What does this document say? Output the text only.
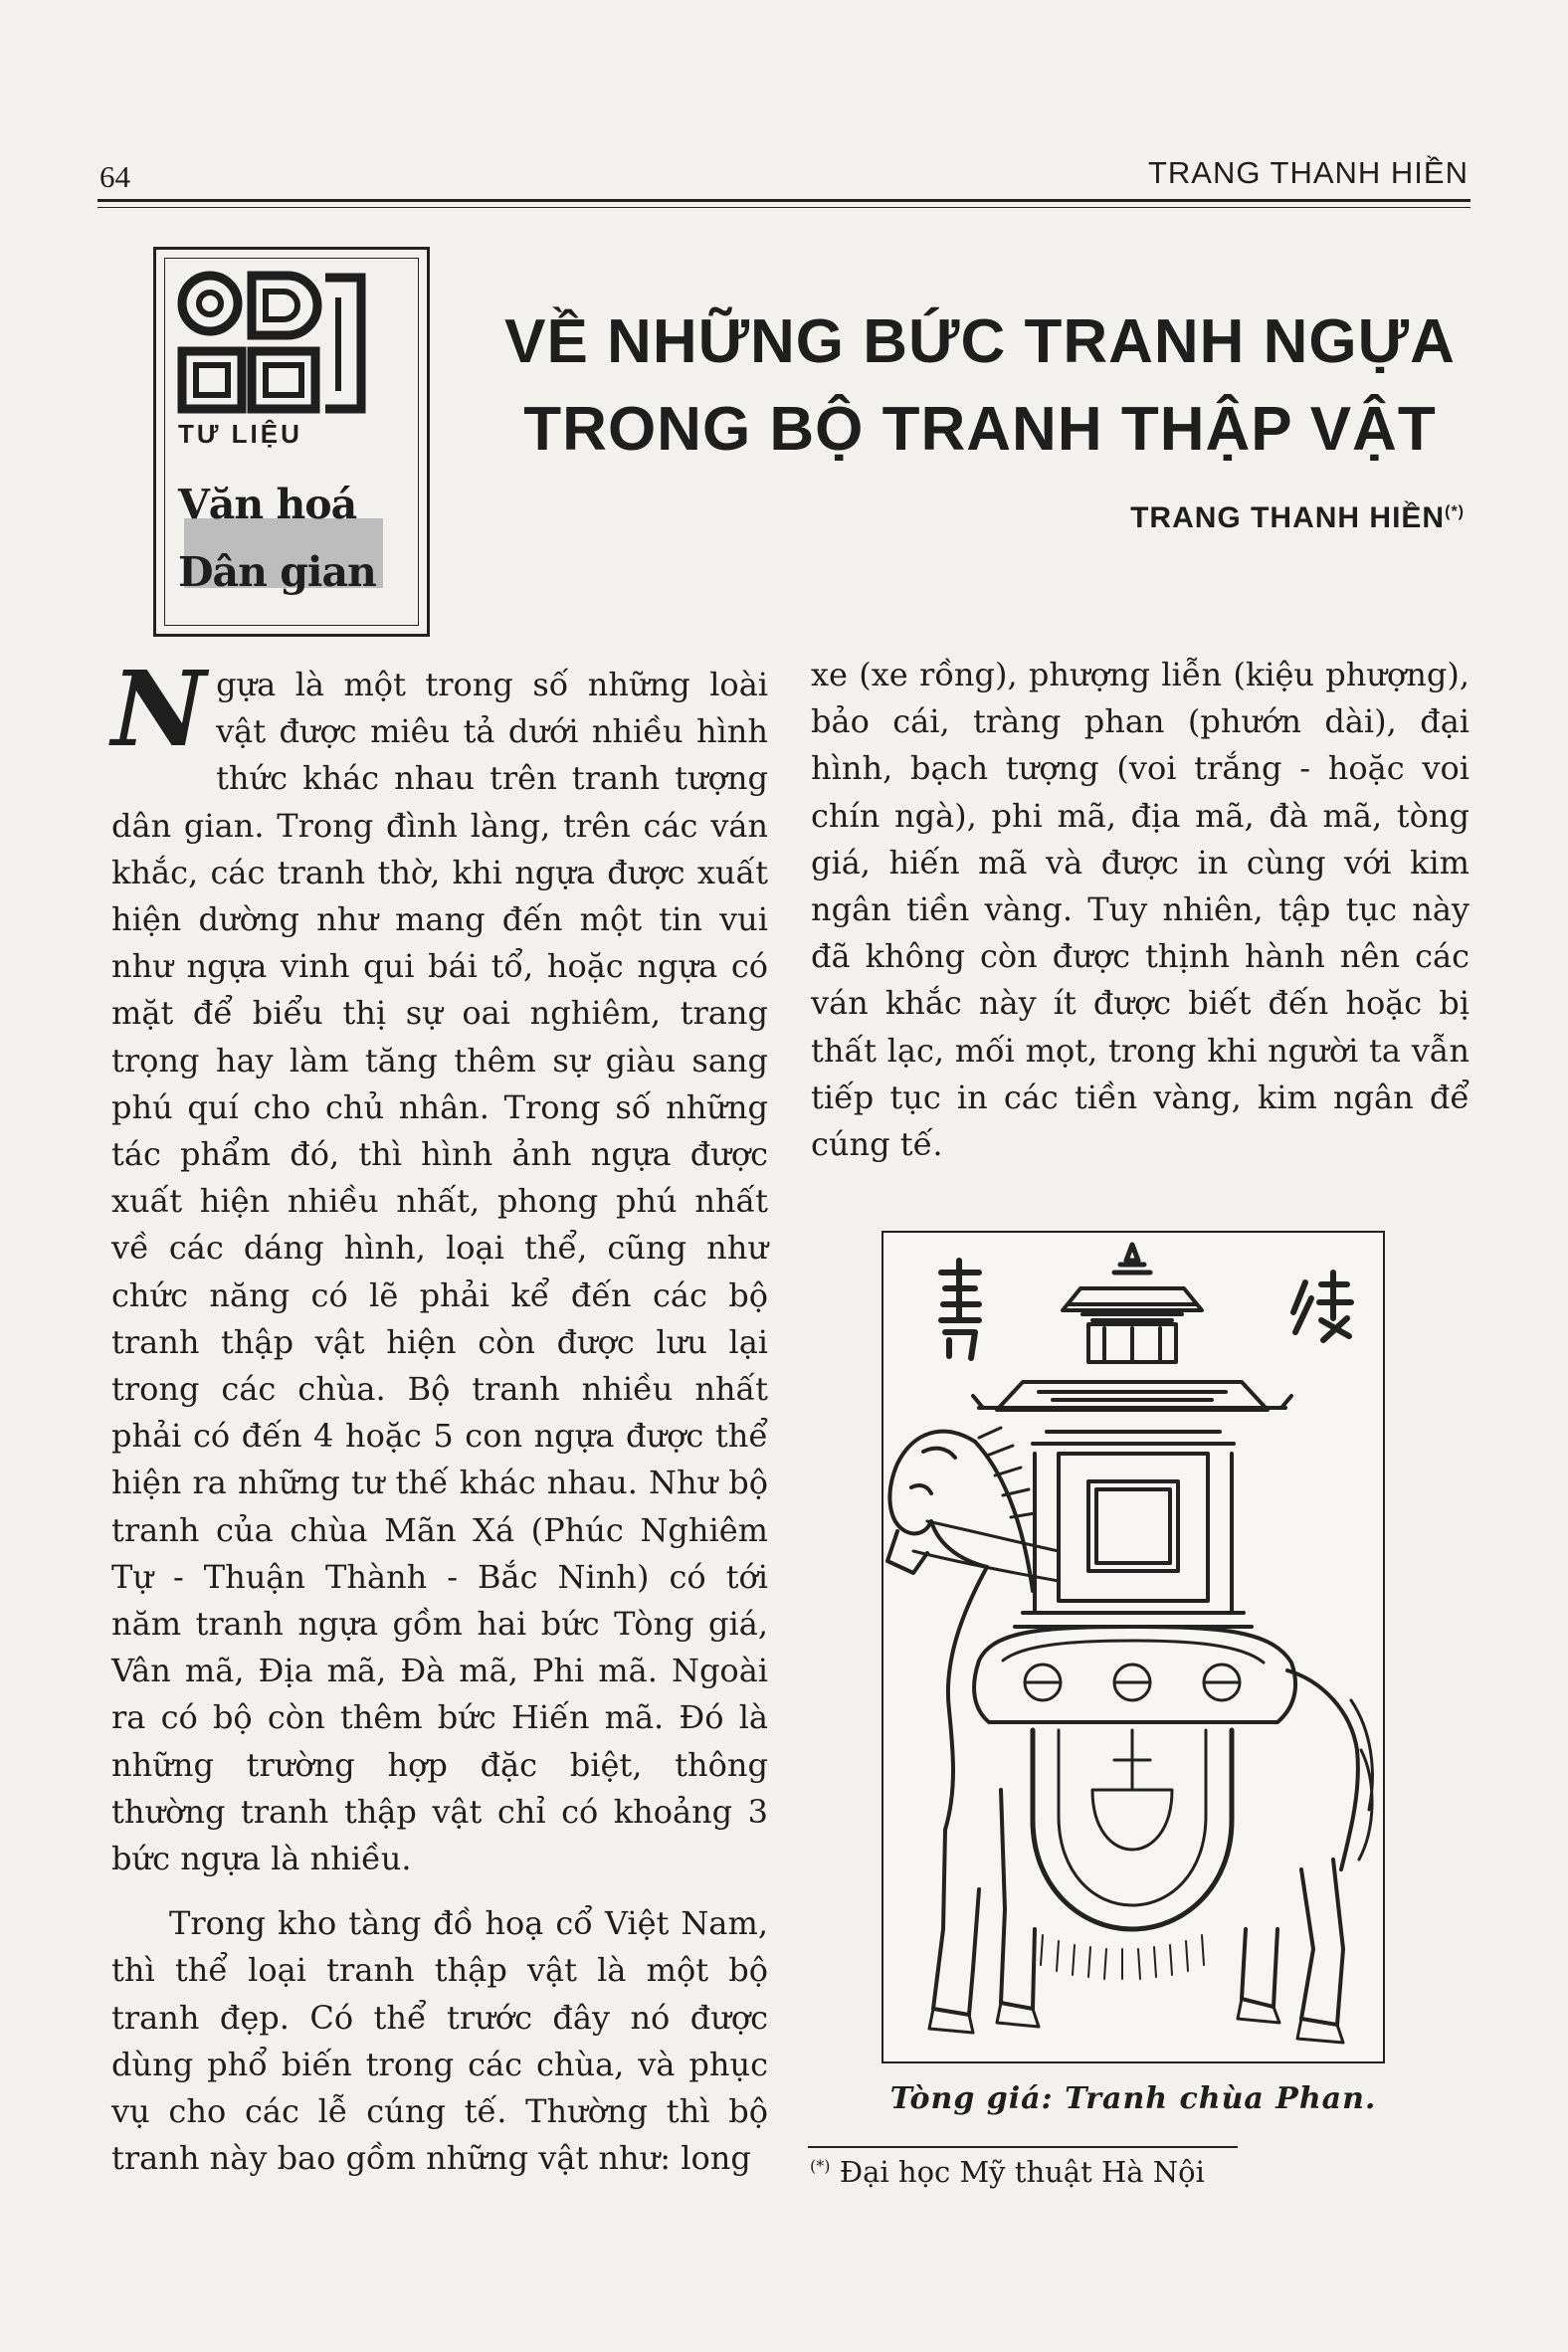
64	TRANG THANH HIỀN
TƯ LIỆU
Văn hoá
Dân gian
VỀ NHỮNG BỨC TRANH NGỰA
TRONG BỘ TRANH THẬP VẬT
TRANG THANH HIỀN(*)

Ngựa là một trong số những loài vật được miêu tả dưới nhiều hình thức khác nhau trên tranh tượng dân gian. Trong đình làng, trên các ván khắc, các tranh thờ, khi ngựa được xuất hiện dường như mang đến một tin vui như ngựa vinh qui bái tổ, hoặc ngựa có mặt để biểu thị sự oai nghiêm, trang trọng hay làm tăng thêm sự giàu sang phú quí cho chủ nhân. Trong số những tác phẩm đó, thì hình ảnh ngựa được xuất hiện nhiều nhất, phong phú nhất về các dáng hình, loại thể, cũng như chức năng có lẽ phải kể đến các bộ tranh thập vật hiện còn được lưu lại trong các chùa. Bộ tranh nhiều nhất phải có đến 4 hoặc 5 con ngựa được thể hiện ra những tư thế khác nhau. Như bộ tranh của chùa Mãn Xá (Phúc Nghiêm Tự - Thuận Thành - Bắc Ninh) có tới năm tranh ngựa gồm hai bức Tòng giá, Vân mã, Địa mã, Đà mã, Phi mã. Ngoài ra có bộ còn thêm bức Hiến mã. Đó là những trường hợp đặc biệt, thông thường tranh thập vật chỉ có khoảng 3 bức ngựa là nhiều.

Trong kho tàng đồ hoạ cổ Việt Nam, thì thể loại tranh thập vật là một bộ tranh đẹp. Có thể trước đây nó được dùng phổ biến trong các chùa, và phục vụ cho các lễ cúng tế. Thường thì bộ tranh này bao gồm những vật như: long

xe (xe rồng), phượng liễn (kiệu phượng), bảo cái, tràng phan (phướn dài), đại hình, bạch tượng (voi trắng - hoặc voi chín ngà), phi mã, địa mã, đà mã, tòng giá, hiến mã và được in cùng với kim ngân tiền vàng. Tuy nhiên, tập tục này đã không còn được thịnh hành nên các ván khắc này ít được biết đến hoặc bị thất lạc, mối mọt, trong khi người ta vẫn tiếp tục in các tiền vàng, kim ngân để cúng tế.

Tòng giá: Tranh chùa Phan.
(*) Đại học Mỹ thuật Hà Nội
